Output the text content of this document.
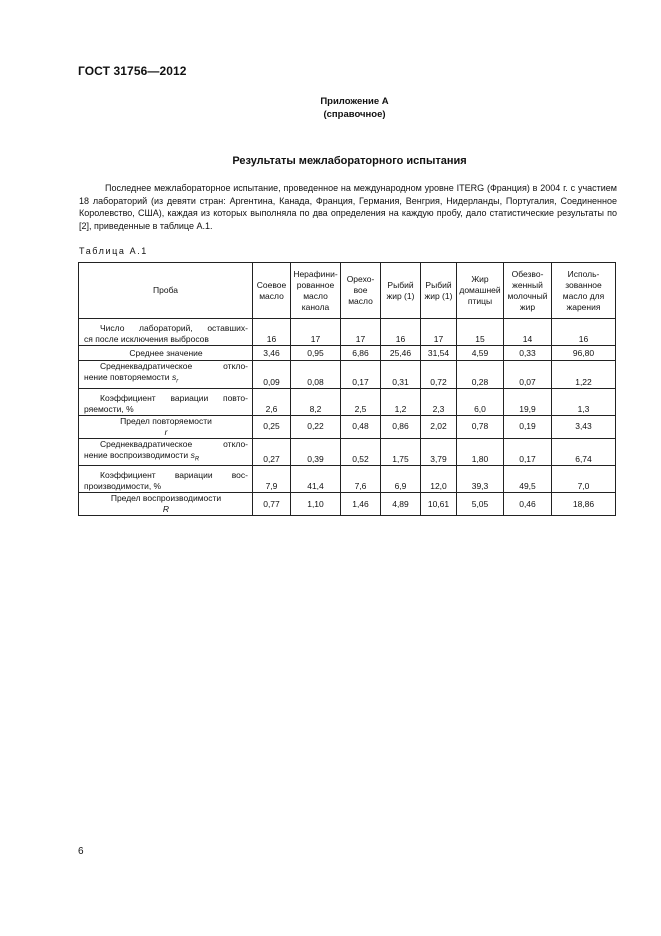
ГОСТ 31756—2012
Приложение А
(справочное)
Результаты межлабораторного испытания
Последнее межлабораторное испытание, проведенное на международном уровне ITERG (Франция) в 2004 г. с участием 18 лабораторий (из девяти стран: Аргентина, Канада, Франция, Германия, Венгрия, Нидерланды, Португалия, Соединенное Королевство, США), каждая из которых выполняла по два определения на каждую пробу, дало статистические результаты по [2], приведенные в таблице А.1.
Таблица А.1
Проба	Соевое масло	Нерафинированное масло канола	Ореховое масло	Рыбий жир (1)	Рыбий жир (1)	Жир домашней птицы	Обезвоженный молочный жир	Использованное масло для жарения

Число лабораторий, оставших-
ся после исключения выбросов	16	17	17	16	17	15	14	16

Среднее значение	3,46	0,95	6,86	25,46	31,54	4,59	0,33	96,80

Среднеквадратическое откло-
нение повторяемости $s_r$	0,09	0,08	0,17	0,31	0,72	0,28	0,07	1,22

Коэффициент вариации повто-
ряемости, %	2,6	8,2	2,5	1,2	2,3	6,0	19,9	1,3

Предел повторяемости
r	0,25	0,22	0,48	0,86	2,02	0,78	0,19	3,43

Среднеквадратическое откло-
нение воспроизводимости $s_R$	0,27	0,39	0,52	1,75	3,79	1,80	0,17	6,74

Коэффициент вариации вос-
производимости, %	7,9	41,4	7,6	6,9	12,0	39,3	49,5	7,0

Предел воспроизводимости
R	0,77	1,10	1,46	4,89	10,61	5,05	0,46	18,86
6
